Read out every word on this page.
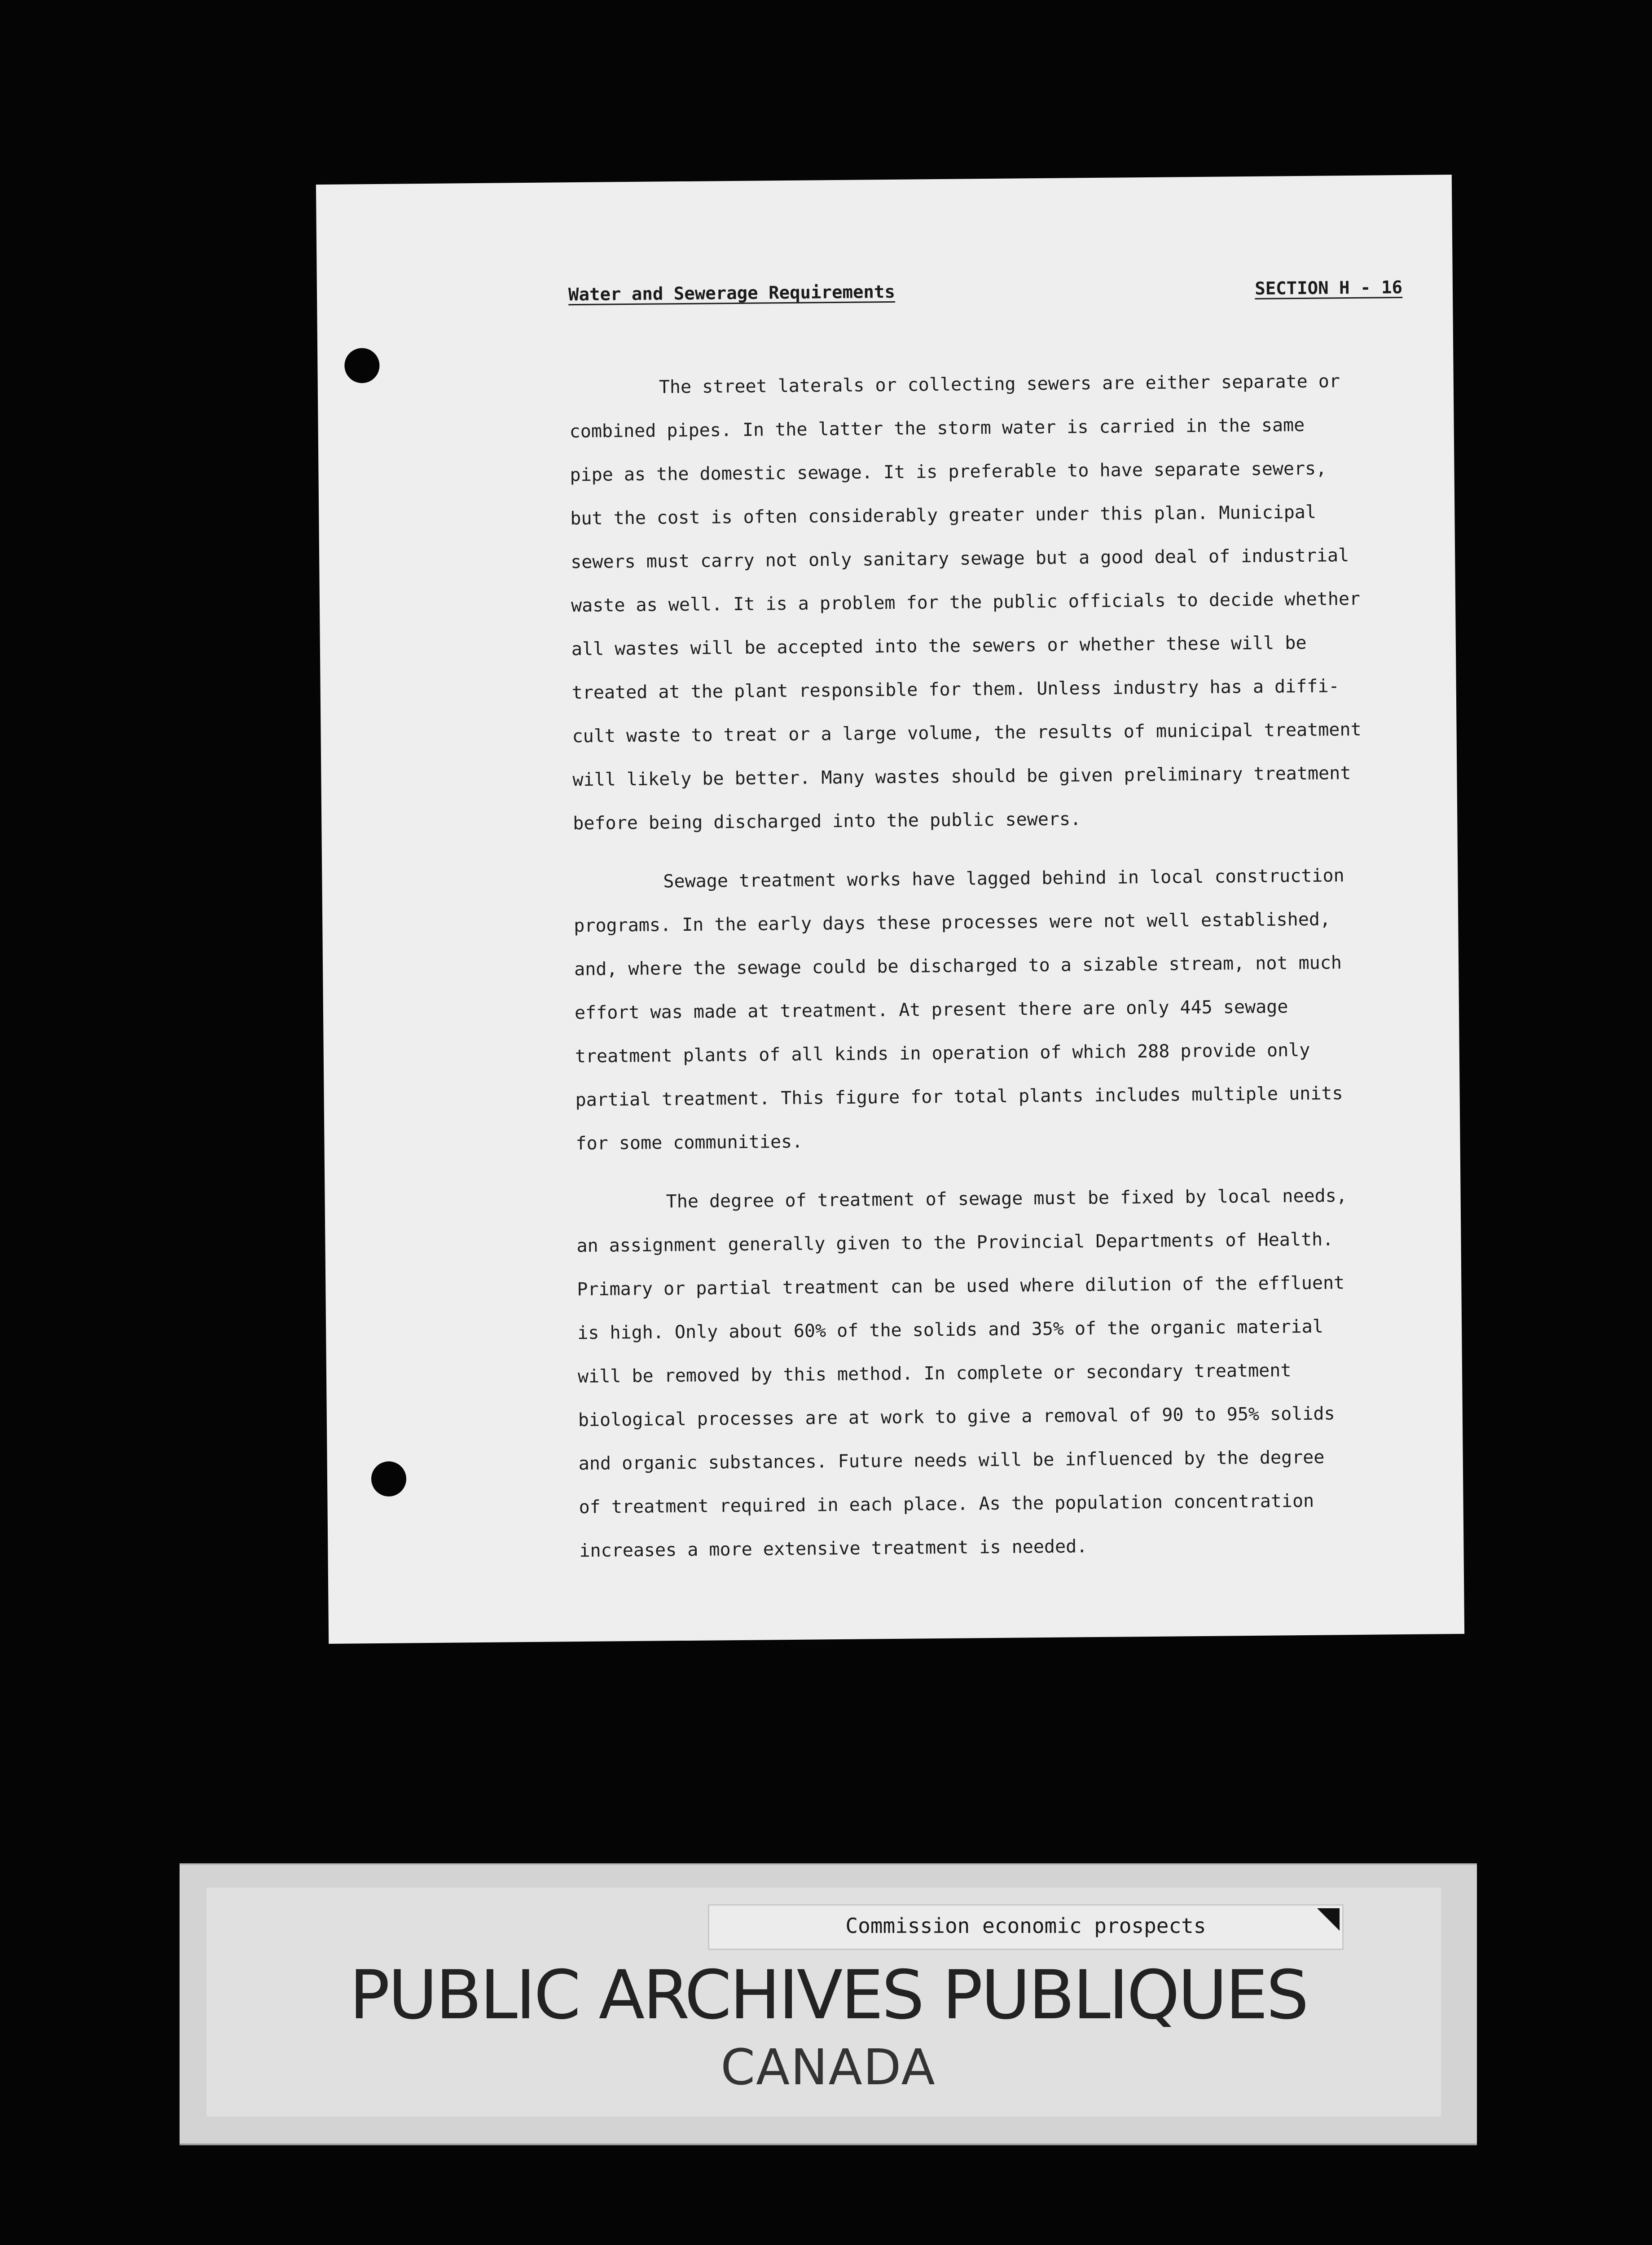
Water and Sewerage Requirements	SECTION H - 16
The street laterals or collecting sewers are either separate or
combined pipes. In the latter the storm water is carried in the same
pipe as the domestic sewage. It is preferable to have separate sewers,
but the cost is often considerably greater under this plan. Municipal
sewers must carry not only sanitary sewage but a good deal of industrial
waste as well. It is a problem for the public officials to decide whether
all wastes will be accepted into the sewers or whether these will be
treated at the plant responsible for them. Unless industry has a diffi-
cult waste to treat or a large volume, the results of municipal treatment
will likely be better. Many wastes should be given preliminary treatment
before being discharged into the public sewers.
Sewage treatment works have lagged behind in local construction
programs. In the early days these processes were not well established,
and, where the sewage could be discharged to a sizable stream, not much
effort was made at treatment. At present there are only 445 sewage
treatment plants of all kinds in operation of which 288 provide only
partial treatment. This figure for total plants includes multiple units
for some communities.
The degree of treatment of sewage must be fixed by local needs,
an assignment generally given to the Provincial Departments of Health.
Primary or partial treatment can be used where dilution of the effluent
is high. Only about 60% of the solids and 35% of the organic material
will be removed by this method. In complete or secondary treatment
biological processes are at work to give a removal of 90 to 95% solids
and organic substances. Future needs will be influenced by the degree
of treatment required in each place. As the population concentration
increases a more extensive treatment is needed.
Commission economic prospects
PUBLIC ARCHIVES PUBLIQUES
CANADA
